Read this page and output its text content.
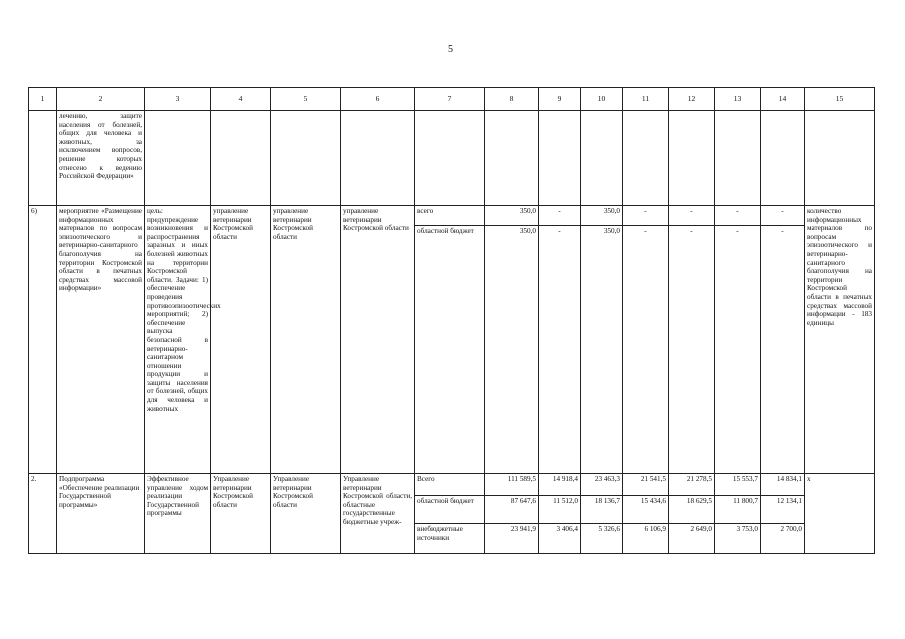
5
1	2	3	4	5	6	7	8	9	10	11	12	13	14	15
	лечению, защите населения от болезней, общих для человека и животных, за исключением вопросов, решение которых отнесено к ведению Российской Федерации»													
6)	мероприятие «Размещение информационных материалов по вопросам эпизоотического и ветеринарно-санитарного благополучия на территории Костромской области в печатных средствах массовой информации»	цель: предупреждение возникновения и распространения заразных и иных болезней животных на территории Костромской области. Задачи: 1) обеспечение проведения противоэпизоотических мероприятий; 2) обеспечение выпуска безопасной в ветеринарно-санитарном отношении продукции и защиты населения от болезней, общих для человека и животных	управление ветеринарии Костромской области	управление ветеринарии Костромской области	управление ветеринарии Костромской области	всего	350,0	-	350,0	-	-	-	-	количество информационных материалов по вопросам эпизоотического и ветеринарно-санитарного благополучия на территории Костромской области в печатных средствах массовой информации - 183 единицы
						областной бюджет	350,0	-	350,0	-	-	-	-	
2.	Подпрограмма «Обеспечение реализации Государственной программы»	Эффективное управление ходом реализации Государственной программы	Управление ветеринарии Костромской области	Управление ветеринарии Костромской области	Управление ветеринарии Костромской области, областные государственные бюджетные учреж-	Всего	111 589,5	14 918,4	23 463,3	21 541,5	21 278,5	15 553,7	14 834,1	x
						областной бюджет	87 647,6	11 512,0	18 136,7	15 434,6	18 629,5	11 800,7	12 134,1	
						внебюджетные источники	23 941,9	3 406,4	5 326,6	6 106,9	2 649,0	3 753,0	2 700,0	
